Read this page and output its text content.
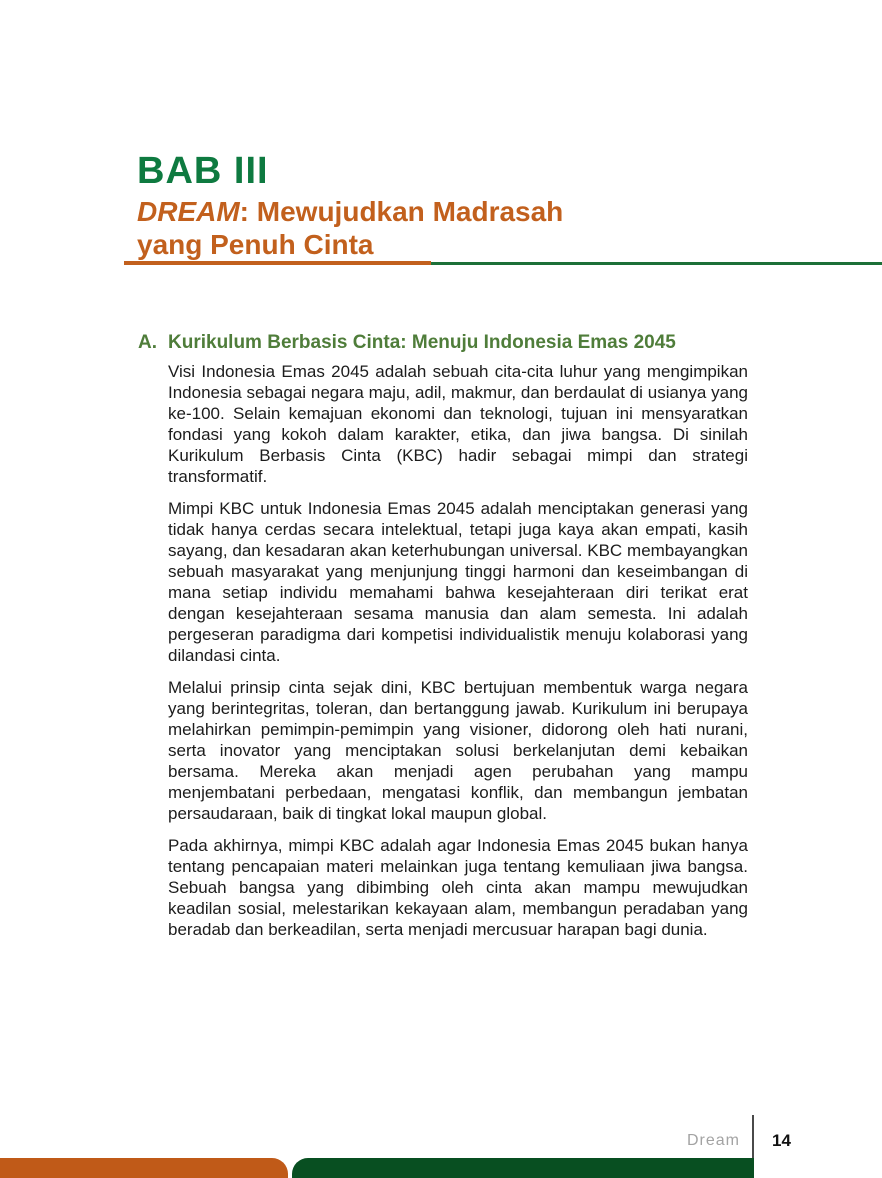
BAB III
DREAM: Mewujudkan Madrasah
yang Penuh Cinta
A. Kurikulum Berbasis Cinta: Menuju Indonesia Emas 2045

Visi Indonesia Emas 2045 adalah sebuah cita-cita luhur yang mengimpikan Indonesia sebagai negara maju, adil, makmur, dan berdaulat di usianya yang ke-100. Selain kemajuan ekonomi dan teknologi, tujuan ini mensyaratkan fondasi yang kokoh dalam karakter, etika, dan jiwa bangsa. Di sinilah Kurikulum Berbasis Cinta (KBC) hadir sebagai mimpi dan strategi transformatif.

Mimpi KBC untuk Indonesia Emas 2045 adalah menciptakan generasi yang tidak hanya cerdas secara intelektual, tetapi juga kaya akan empati, kasih sayang, dan kesadaran akan keterhubungan universal. KBC membayangkan sebuah masyarakat yang menjunjung tinggi harmoni dan keseimbangan di mana setiap individu memahami bahwa kesejahteraan diri terikat erat dengan kesejahteraan sesama manusia dan alam semesta. Ini adalah pergeseran paradigma dari kompetisi individualistik menuju kolaborasi yang dilandasi cinta.

Melalui prinsip cinta sejak dini, KBC bertujuan membentuk warga negara yang berintegritas, toleran, dan bertanggung jawab. Kurikulum ini berupaya melahirkan pemimpin-pemimpin yang visioner, didorong oleh hati nurani, serta inovator yang menciptakan solusi berkelanjutan demi kebaikan bersama. Mereka akan menjadi agen perubahan yang mampu menjembatani perbedaan, mengatasi konflik, dan membangun jembatan persaudaraan, baik di tingkat lokal maupun global.

Pada akhirnya, mimpi KBC adalah agar Indonesia Emas 2045 bukan hanya tentang pencapaian materi melainkan juga tentang kemuliaan jiwa bangsa. Sebuah bangsa yang dibimbing oleh cinta akan mampu mewujudkan keadilan sosial, melestarikan kekayaan alam, membangun peradaban yang beradab dan berkeadilan, serta menjadi mercusuar harapan bagi dunia.

Dream 14
